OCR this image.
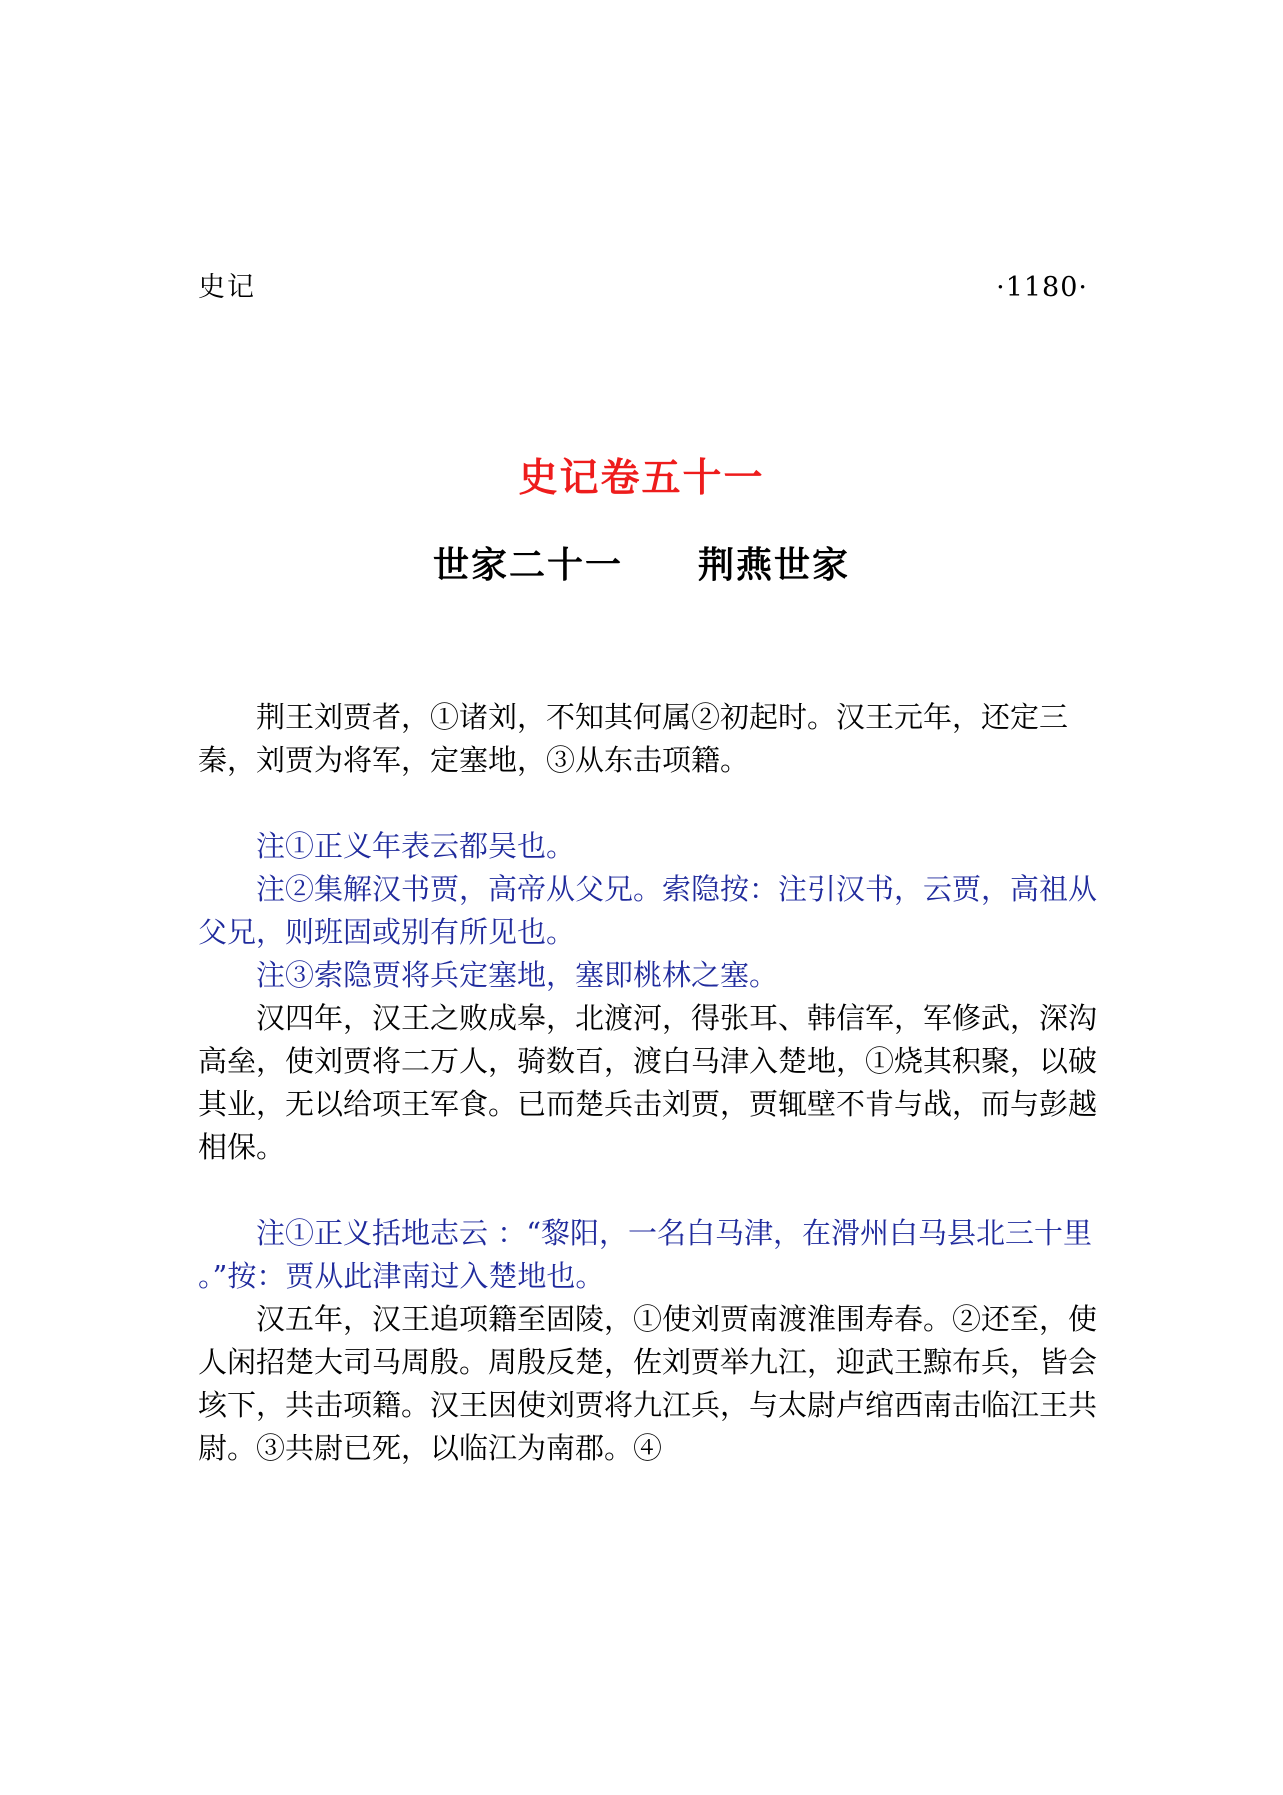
史记	·1180·
史记卷五十一
世家二十一 荆燕世家

荆王刘贾者，①诸刘，不知其何属②初起时。汉王元年，还定三秦，刘贾为将军，定塞地，③从东击项籍。

注①正义年表云都吴也。

注②集解汉书贾，高帝从父兄。索隐按：注引汉书，云贾，高祖从父兄，则班固或别有所见也。

注③索隐贾将兵定塞地，塞即桃林之塞。

汉四年，汉王之败成皋，北渡河，得张耳、韩信军，军修武，深沟高垒，使刘贾将二万人，骑数百，渡白马津入楚地，①烧其积聚，以破其业，无以给项王军食。已而楚兵击刘贾，贾辄壁不肯与战，而与彭越相保。

注①正义括地志云 ：“黎阳，一名白马津，在滑州白马县北三十里 。”按：贾从此津南过入楚地也。

汉五年，汉王追项籍至固陵，①使刘贾南渡淮围寿春。②还至，使人闲招楚大司马周殷。周殷反楚，佐刘贾举九江，迎武王黥布兵，皆会垓下，共击项籍。汉王因使刘贾将九江兵，与太尉卢绾西南击临江王共尉。③共尉已死，以临江为南郡。④
